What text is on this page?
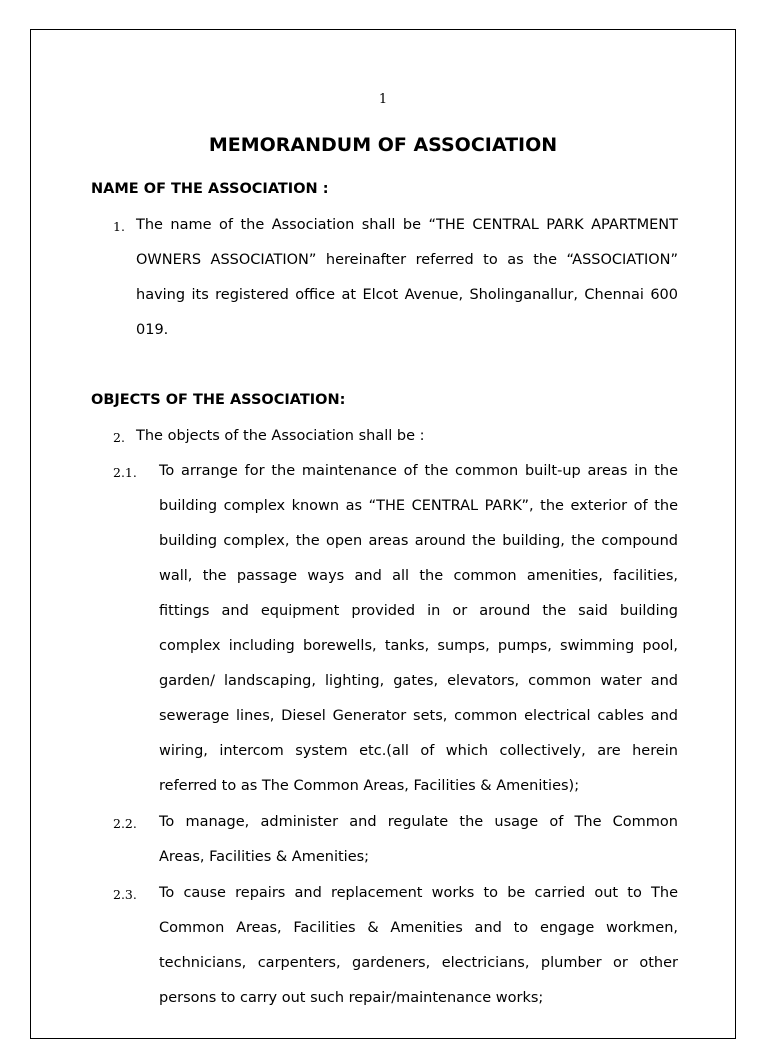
1
MEMORANDUM OF ASSOCIATION
NAME OF THE ASSOCIATION :
1. The name of the Association shall be “THE CENTRAL PARK APARTMENT
OWNERS ASSOCIATION” hereinafter referred to as the “ASSOCIATION”
having its registered office at Elcot Avenue, Sholinganallur, Chennai 600
019.
OBJECTS OF THE ASSOCIATION:
2. The objects of the Association shall be :
2.1. To arrange for the maintenance of the common built-up areas in the
building complex known as “THE CENTRAL PARK”, the exterior of the
building complex, the open areas around the building, the compound
wall, the passage ways and all the common amenities, facilities,
fittings and equipment provided in or around the said building
complex including borewells, tanks, sumps, pumps, swimming pool,
garden/ landscaping, lighting, gates, elevators, common water and
sewerage lines, Diesel Generator sets, common electrical cables and
wiring, intercom system etc.(all of which collectively, are herein
referred to as The Common Areas, Facilities & Amenities);
2.2. To manage, administer and regulate the usage of The Common
Areas, Facilities & Amenities;
2.3. To cause repairs and replacement works to be carried out to The
Common Areas, Facilities & Amenities and to engage workmen,
technicians, carpenters, gardeners, electricians, plumber or other
persons to carry out such repair/maintenance works;
